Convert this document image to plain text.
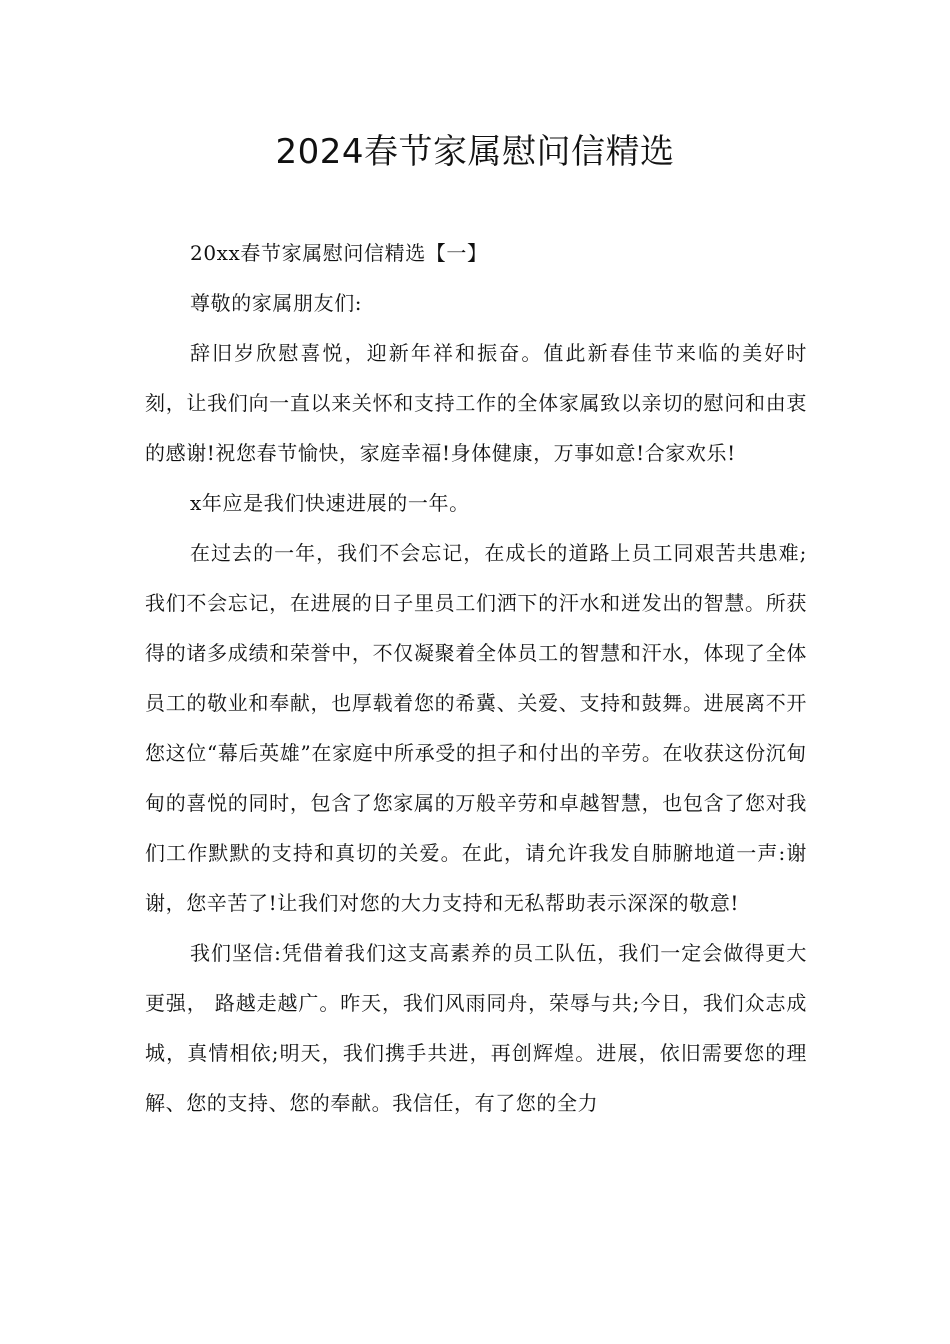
2024春节家属慰问信精选

20xx春节家属慰问信精选【一】

尊敬的家属朋友们:

辞旧岁欣慰喜悦，迎新年祥和振奋。值此新春佳节来临的美好时刻，让我们向一直以来关怀和支持工作的全体家属致以亲切的慰问和由衷的感谢!祝您春节愉快，家庭幸福!身体健康，万事如意!合家欢乐!

x年应是我们快速进展的一年。

在过去的一年，我们不会忘记，在成长的道路上员工同艰苦共患难;我们不会忘记，在进展的日子里员工们洒下的汗水和迸发出的智慧。所获得的诸多成绩和荣誉中，不仅凝聚着全体员工的智慧和汗水，体现了全体员工的敬业和奉献，也厚载着您的希冀、关爱、支持和鼓舞。进展离不开您这位“幕后英雄”在家庭中所承受的担子和付出的辛劳。在收获这份沉甸甸的喜悦的同时，包含了您家属的万般辛劳和卓越智慧，也包含了您对我们工作默默的支持和真切的关爱。在此，请允许我发自肺腑地道一声:谢谢，您辛苦了!让我们对您的大力支持和无私帮助表示深深的敬意!

我们坚信:凭借着我们这支高素养的员工队伍，我们一定会做得更大更强， 路越走越广。昨天，我们风雨同舟，荣辱与共;今日，我们众志成城，真情相依;明天，我们携手共进，再创辉煌。进展，依旧需要您的理解、您的支持、您的奉献。我信任，有了您的全力
